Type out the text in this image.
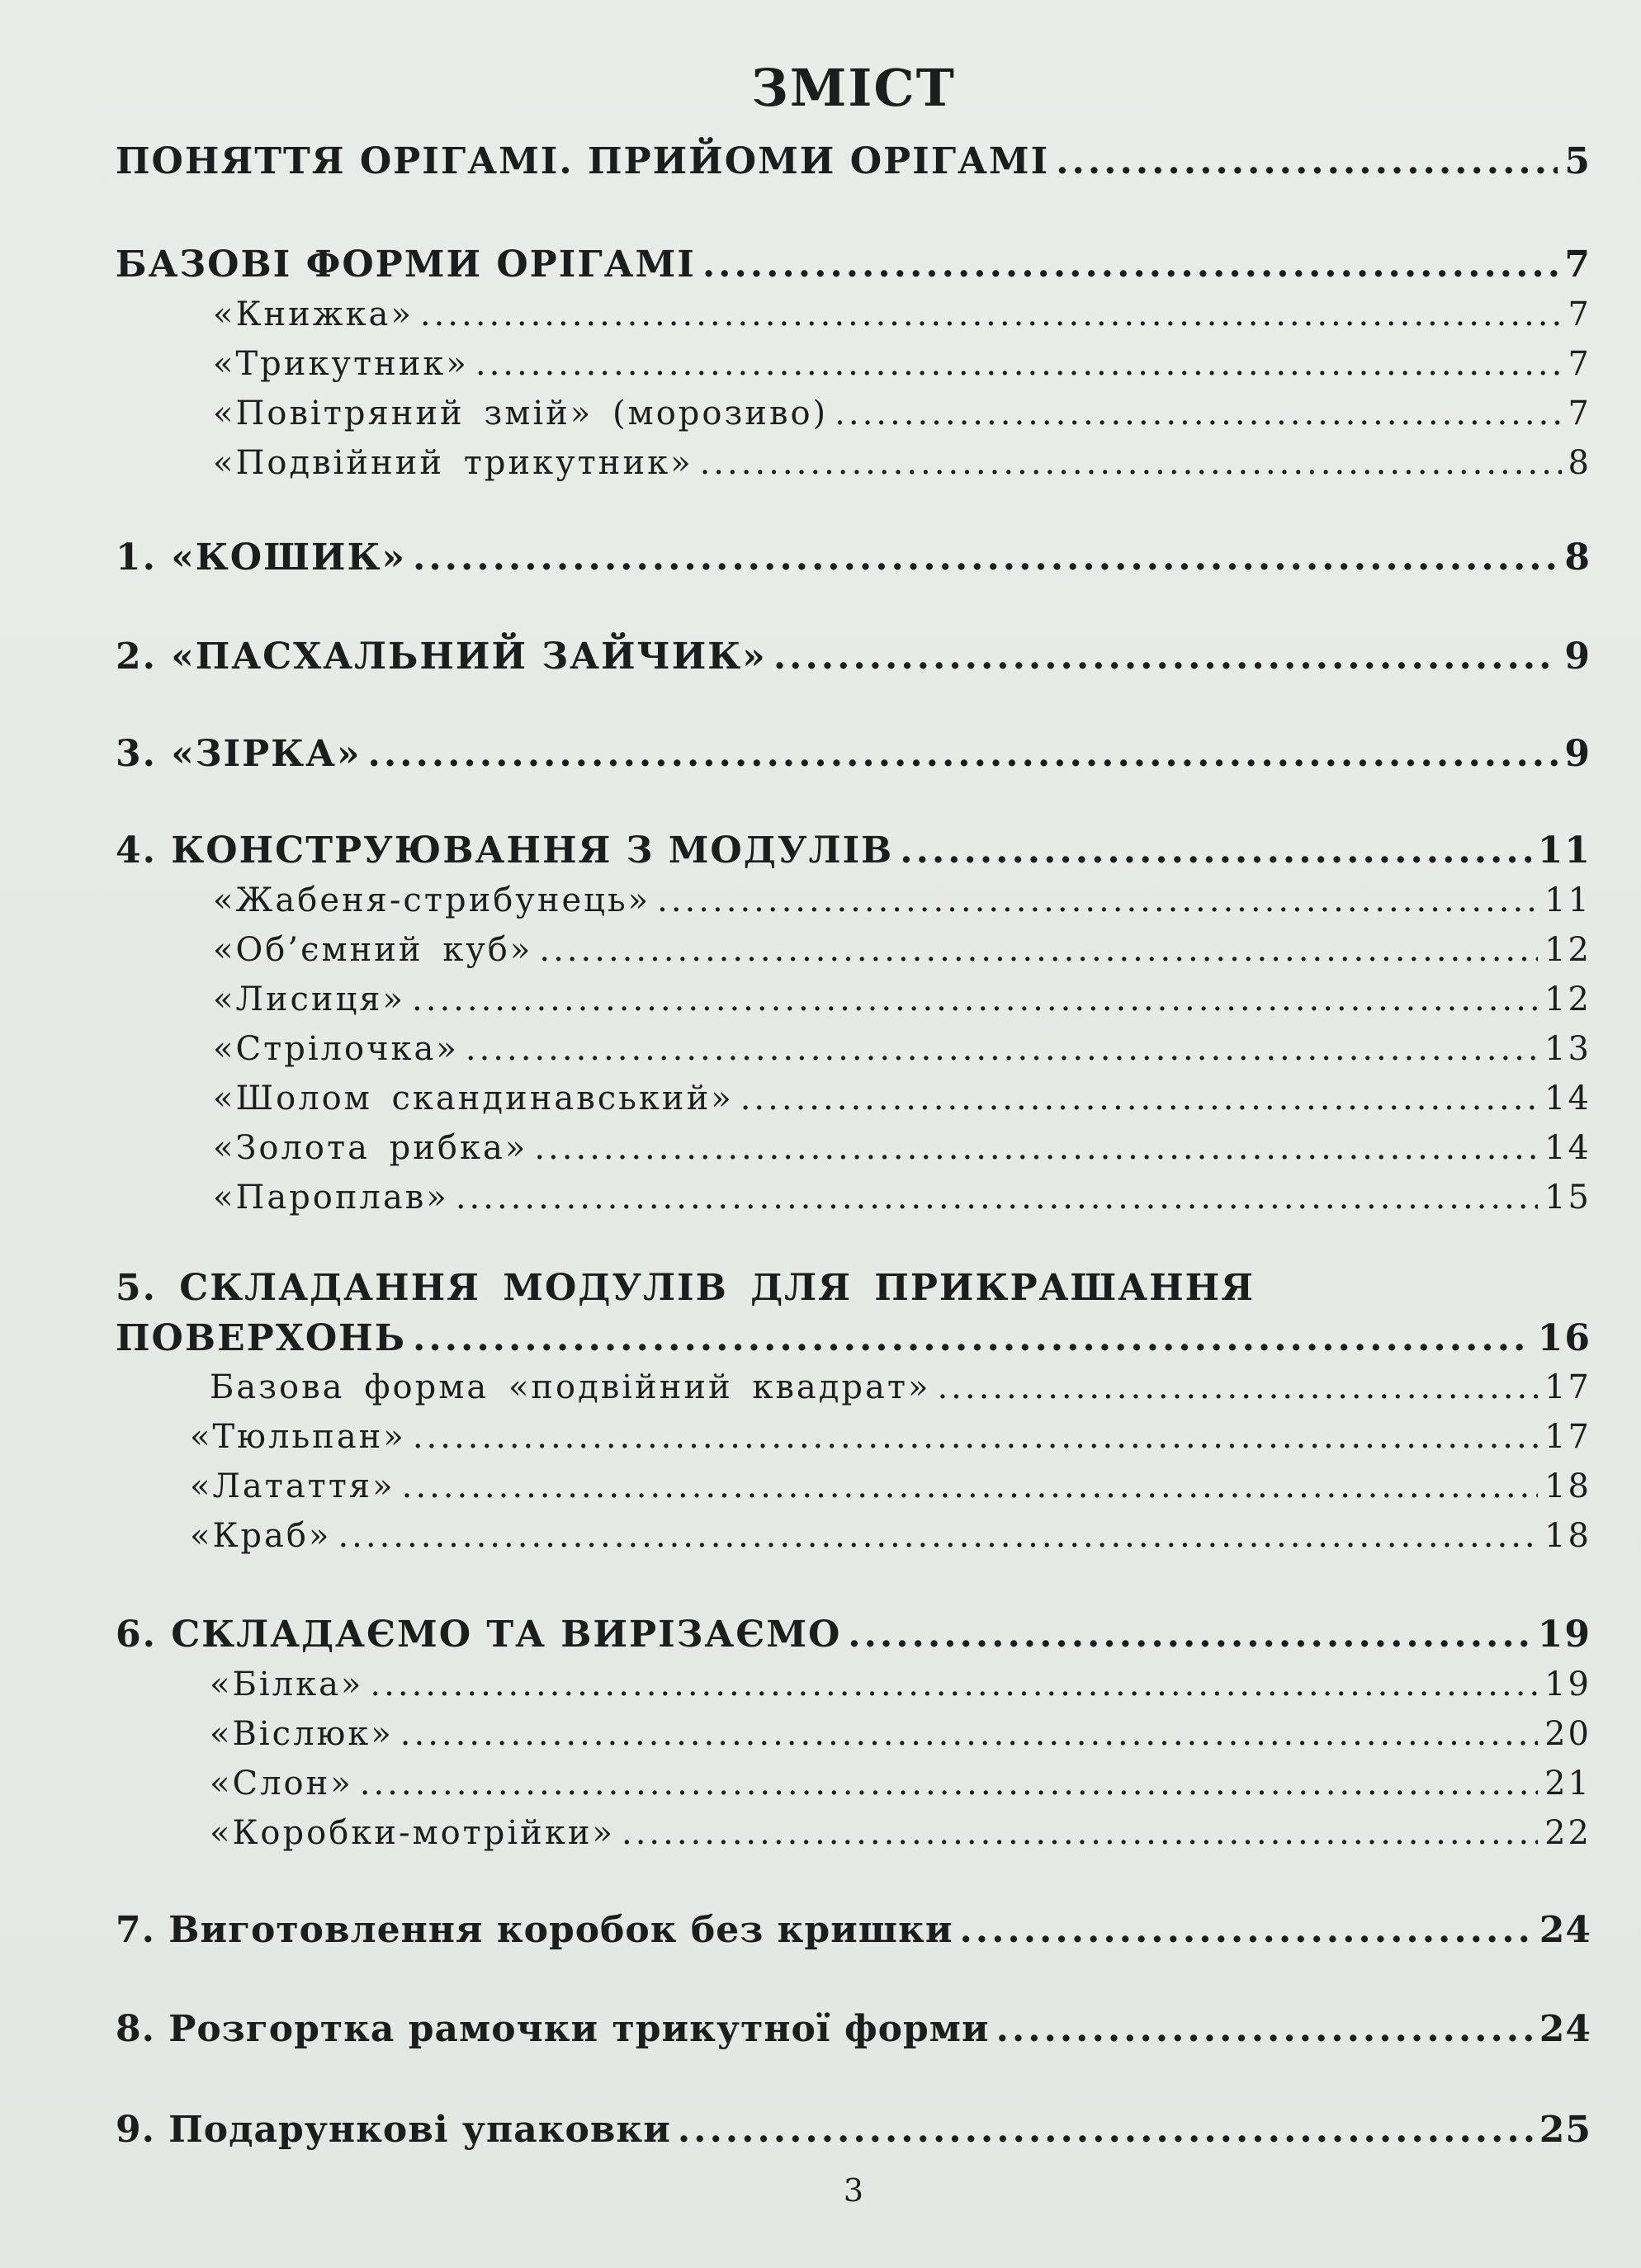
ЗМІСТ
ПОНЯТТЯ ОРІГАМІ. ПРИЙОМИ ОРІГАМІ .....	5
БАЗОВІ ФОРМИ ОРІГАМІ .....	7
«Книжка» .....	7
«Трикутник» .....	7
«Повітряний змій» (морозиво) .....	7
«Подвійний трикутник» .....	8
1. «КОШИК» .....	8
2. «ПАСХАЛЬНИЙ ЗАЙЧИК» .....	9
3. «ЗІРКА» .....	9
4. КОНСТРУЮВАННЯ З МОДУЛІВ .....	11
«Жабеня-стрибунець» .....	11
«Об’ємний куб» .....	12
«Лисиця» .....	12
«Стрілочка» .....	13
«Шолом скандинавський» .....	14
«Золота рибка» .....	14
«Пароплав» .....	15
5. СКЛАДАННЯ МОДУЛІВ ДЛЯ ПРИКРАШАННЯ
ПОВЕРХОНЬ .....	16
Базова форма «подвійний квадрат» .....	17
«Тюльпан» .....	17
«Латаття» .....	18
«Краб» .....	18
6. СКЛАДАЄМО ТА ВИРІЗАЄМО .....	19
«Білка» .....	19
«Віслюк» .....	20
«Слон» .....	21
«Коробки-мотрійки» .....	22
7. Виготовлення коробок без кришки .....	24
8. Розгортка рамочки трикутної форми .....	24
9. Подарункові упаковки .....	25
3
